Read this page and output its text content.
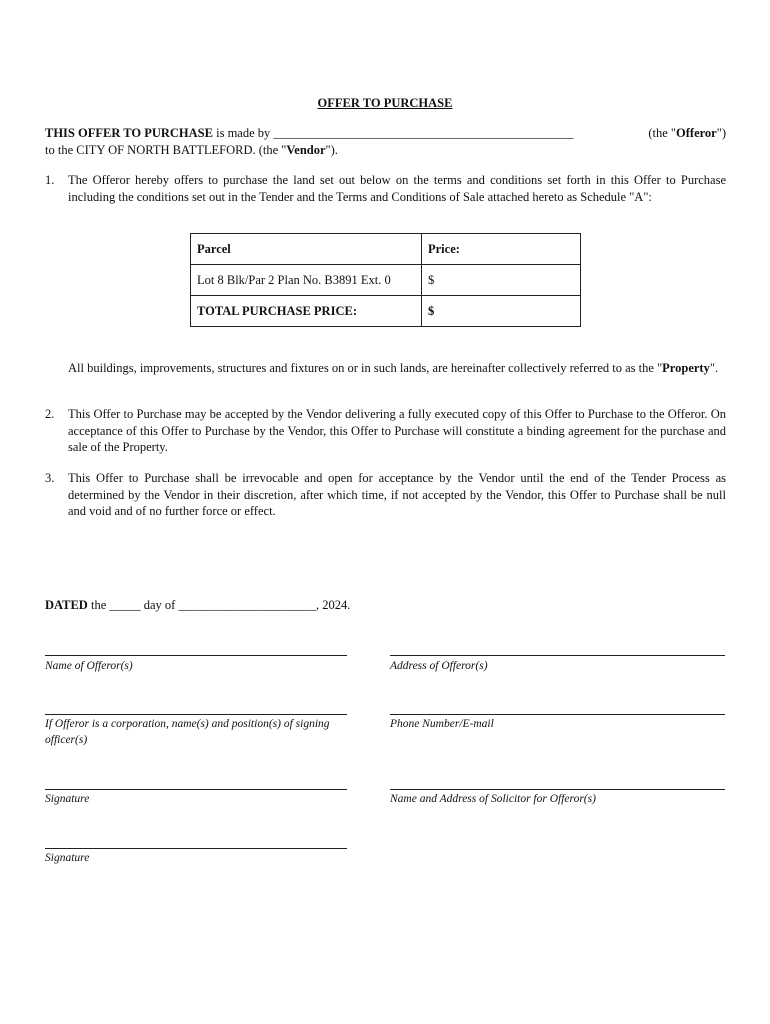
OFFER TO PURCHASE
THIS OFFER TO PURCHASE is made by ________________________________________________	(the "Offeror")
to the CITY OF NORTH BATTLEFORD. (the "Vendor").
1.	The Offeror hereby offers to purchase the land set out below on the terms and conditions set forth in this Offer to Purchase including the conditions set out in the Tender and the Terms and Conditions of Sale attached hereto as Schedule "A":
Parcel	Price:
Lot 8 Blk/Par 2 Plan No. B3891 Ext. 0	$
TOTAL PURCHASE PRICE:	$
All buildings, improvements, structures and fixtures on or in such lands, are hereinafter collectively referred to as the "Property".
2.	This Offer to Purchase may be accepted by the Vendor delivering a fully executed copy of this Offer to Purchase to the Offeror. On acceptance of this Offer to Purchase by the Vendor, this Offer to Purchase will constitute a binding agreement for the purchase and sale of the Property.
3.	This Offer to Purchase shall be irrevocable and open for acceptance by the Vendor until the end of the Tender Process as determined by the Vendor in their discretion, after which time, if not accepted by the Vendor, this Offer to Purchase shall be null and void and of no further force or effect.
DATED the _____ day of ______________________, 2024.
Name of Offeror(s)	Address of Offeror(s)
If Offeror is a corporation, name(s) and position(s) of signing officer(s)
Phone Number/E-mail
Signature	Name and Address of Solicitor for Offeror(s)
Signature
